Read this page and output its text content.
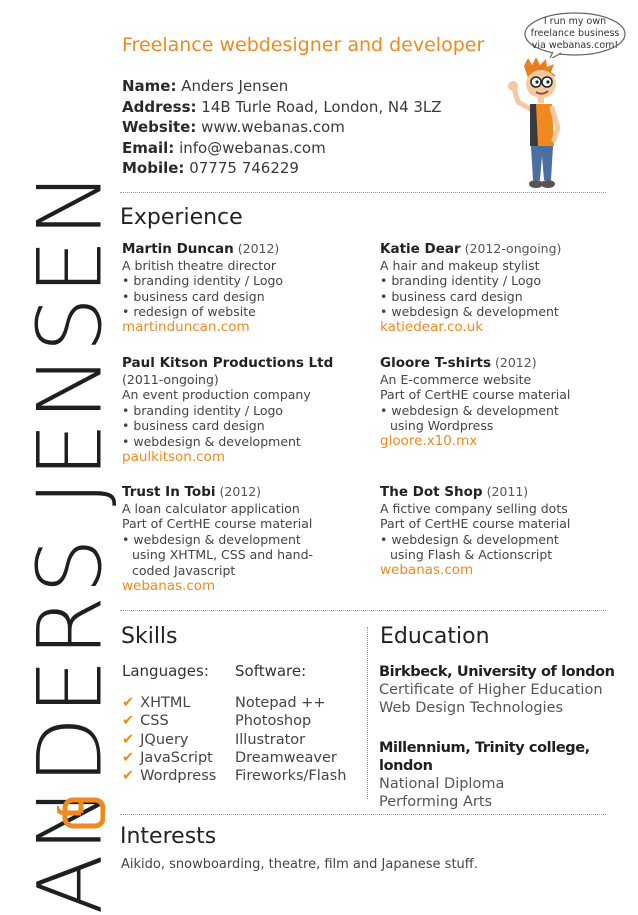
ANDERS JENSEN
Freelance webdesigner and developer
I run my own
freelance business
via webanas.com!
Name: Anders Jensen
Address: 14B Turle Road, London, N4 3LZ
Website: www.webanas.com
Email: info@webanas.com
Mobile: 07775 746229
Experience
Martin Duncan (2012)
A british theatre director
• branding identity / Logo
• business card design
• redesign of website
martinduncan.com
Katie Dear (2012-ongoing)
A hair and makeup stylist
• branding identity / Logo
• business card design
• webdesign & development
katiedear.co.uk
Paul Kitson Productions Ltd
(2011-ongoing)
An event production company
• branding identity / Logo
• business card design
• webdesign & development
paulkitson.com
Gloore T-shirts (2012)
An E-commerce website
Part of CertHE course material
• webdesign & development
using Wordpress
gloore.x10.mx
Trust In Tobi (2012)
A loan calculator application
Part of CertHE course material
• webdesign & development
using XHTML, CSS and hand-
coded Javascript
webanas.com
The Dot Shop (2011)
A fictive company selling dots
Part of CertHE course material
• webdesign & development
using Flash & Actionscript
webanas.com
Skills
Languages:
✔ XHTML
✔ CSS
✔ JQuery
✔ JavaScript
✔ Wordpress
Software:
Notepad ++
Photoshop
Illustrator
Dreamweaver
Fireworks/Flash
Education
Birkbeck, University of london
Certificate of Higher Education
Web Design Technologies
Millennium, Trinity college, london
National Diploma
Performing Arts
Interests
Aikido, snowboarding, theatre, film and Japanese stuff.
